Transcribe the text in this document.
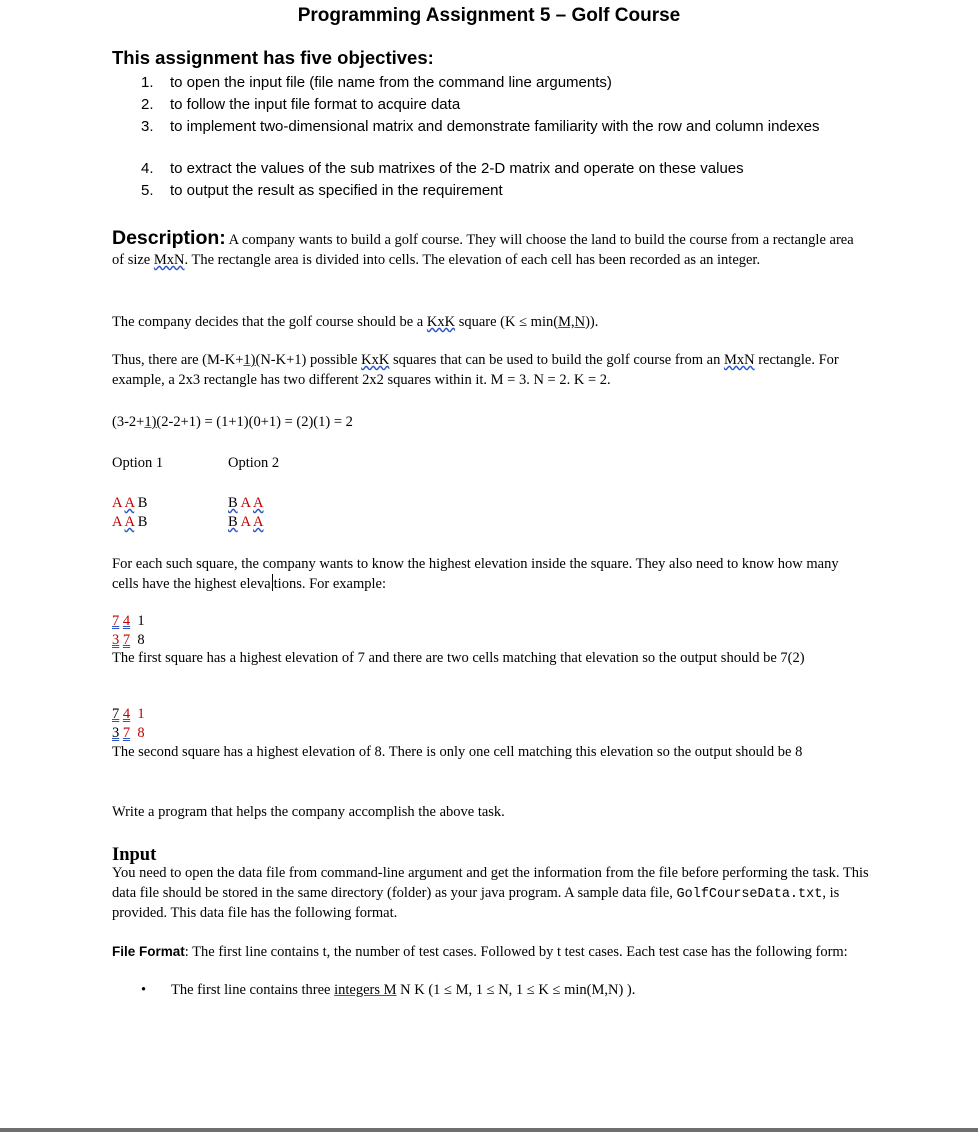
Programming Assignment 5 – Golf Course
This assignment has five objectives:
1.	to open the input file (file name from the command line arguments)
2.	to follow the input file format to acquire data
3.	to implement two-dimensional matrix and demonstrate familiarity with the row and column indexes
4.	to extract the values of the sub matrixes of the 2-D matrix and operate on these values
5.	to output the result as specified in the requirement
Description: A company wants to build a golf course. They will choose the land to build the course from a rectangle area of size MxN. The rectangle area is divided into cells. The elevation of each cell has been recorded as an integer.
The company decides that the golf course should be a KxK square (K ≤ min(M,N)).
Thus, there are (M-K+1)(N-K+1) possible KxK squares that can be used to build the golf course from an MxN rectangle. For example, a 2x3 rectangle has two different 2x2 squares within it. M = 3. N = 2. K = 2.
(3-2+1)(2-2+1) = (1+1)(0+1) = (2)(1) = 2
Option 1	Option 2
A A B
A A B
B A A
B A A
For each such square, the company wants to know the highest elevation inside the square. They also need to know how many cells have the highest eleva tions. For example:
7 4 1
3 7 8
The first square has a highest elevation of 7 and there are two cells matching that elevation so the output should be 7(2)
7 4 1
3 7 8
The second square has a highest elevation of 8. There is only one cell matching this elevation so the output should be 8
Write a program that helps the company accomplish the above task.
Input
You need to open the data file from command-line argument and get the information from the file before performing the task. This data file should be stored in the same directory (folder) as your java program. A sample data file, GolfCourseData.txt, is provided. This data file has the following format.
File Format: The first line contains t, the number of test cases. Followed by t test cases. Each test case has the following form:
• The first line contains three integers M N K (1 ≤ M, 1 ≤ N, 1 ≤ K ≤ min(M,N) ).
